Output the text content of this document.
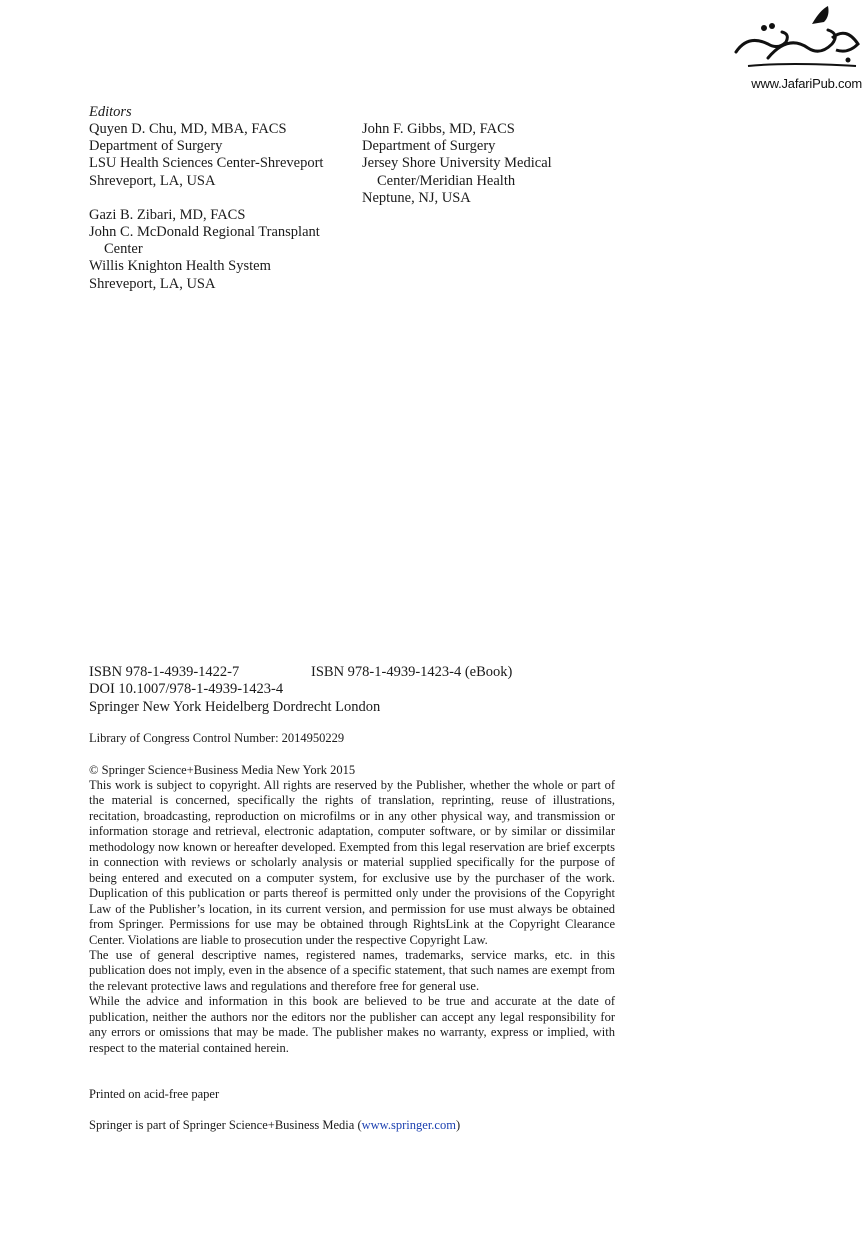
www.JafariPub.com
Editors
Quyen D. Chu, MD, MBA, FACS
Department of Surgery
LSU Health Sciences Center-Shreveport
Shreveport, LA, USA
Gazi B. Zibari, MD, FACS
John C. McDonald Regional Transplant
Center
Willis Knighton Health System
Shreveport, LA, USA
John F. Gibbs, MD, FACS
Department of Surgery
Jersey Shore University Medical
Center/Meridian Health
Neptune, NJ, USA
ISBN 978-1-4939-1422-7	ISBN 978-1-4939-1423-4 (eBook)
DOI 10.1007/978-1-4939-1423-4
Springer New York Heidelberg Dordrecht London
Library of Congress Control Number: 2014950229
© Springer Science+Business Media New York 2015

This work is subject to copyright. All rights are reserved by the Publisher, whether the whole or part of the material is concerned, specifically the rights of translation, reprinting, reuse of illustrations, recitation, broadcasting, reproduction on microfilms or in any other physical way, and transmission or information storage and retrieval, electronic adaptation, computer software, or by similar or dissimilar methodology now known or hereafter developed. Exempted from this legal reservation are brief excerpts in connection with reviews or scholarly analysis or material supplied specifically for the purpose of being entered and executed on a computer system, for exclusive use by the purchaser of the work. Duplication of this publication or parts thereof is permitted only under the provisions of the Copyright Law of the Publisher’s location, in its current version, and permission for use must always be obtained from Springer. Permissions for use may be obtained through RightsLink at the Copyright Clearance Center. Violations are liable to prosecution under the respective Copyright Law.

The use of general descriptive names, registered names, trademarks, service marks, etc. in this publication does not imply, even in the absence of a specific statement, that such names are exempt from the relevant protective laws and regulations and therefore free for general use.

While the advice and information in this book are believed to be true and accurate at the date of publication, neither the authors nor the editors nor the publisher can accept any legal responsibility for any errors or omissions that may be made. The publisher makes no warranty, express or implied, with respect to the material contained herein.

Printed on acid-free paper
Springer is part of Springer Science+Business Media (www.springer.com)
